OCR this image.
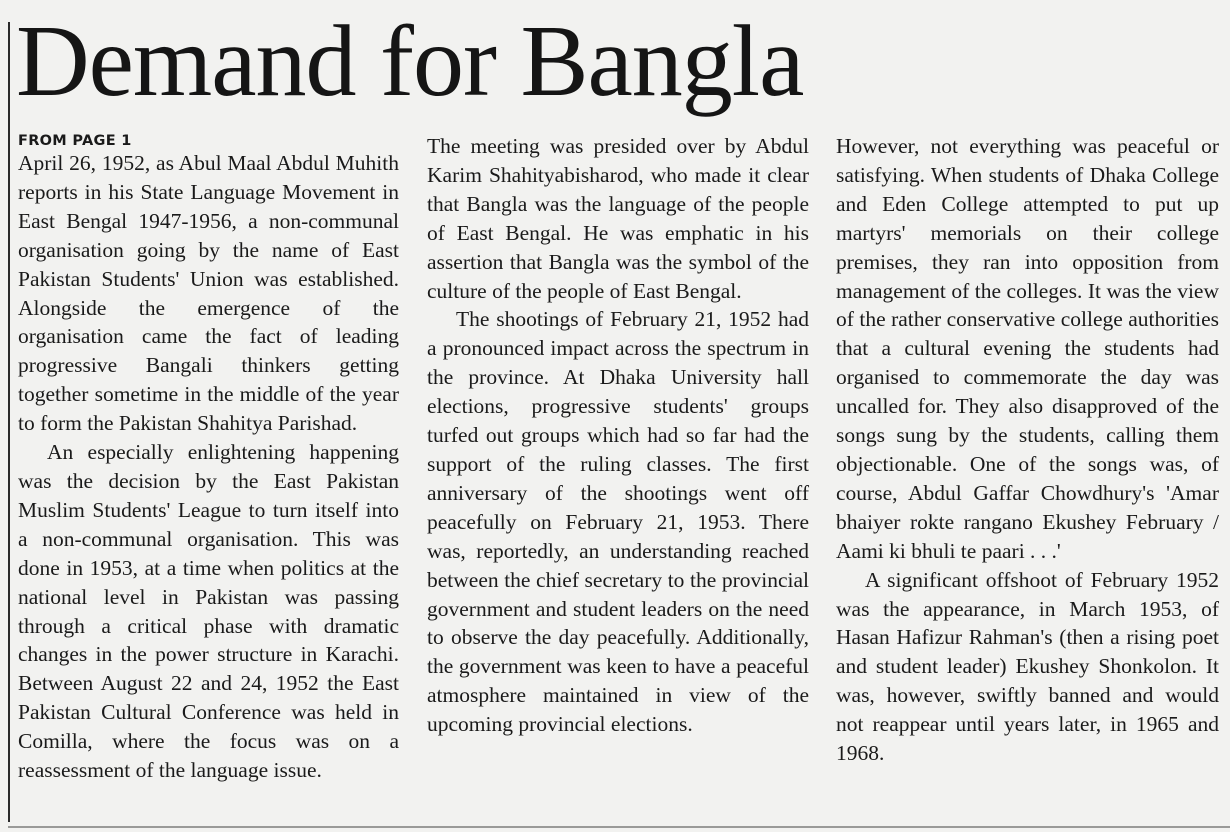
Demand for Bangla

FROM PAGE 1

April 26, 1952, as Abul Maal Abdul Muhith reports in his State Language Movement in East Bengal 1947-1956, a non-communal organisation going by the name of East Pakistan Students' Union was established. Alongside the emergence of the organisation came the fact of leading progressive Bangali thinkers getting together sometime in the middle of the year to form the Pakistan Shahitya Parishad.

An especially enlightening happening was the decision by the East Pakistan Muslim Students' League to turn itself into a non-communal organisation. This was done in 1953, at a time when politics at the national level in Pakistan was passing through a critical phase with dramatic changes in the power structure in Karachi. Between August 22 and 24, 1952 the East Pakistan Cultural Conference was held in Comilla, where the focus was on a reassessment of the language issue.

The meeting was presided over by Abdul Karim Shahityabisharod, who made it clear that Bangla was the language of the people of East Bengal. He was emphatic in his assertion that Bangla was the symbol of the culture of the people of East Bengal.

The shootings of February 21, 1952 had a pronounced impact across the spectrum in the province. At Dhaka University hall elections, progressive students' groups turfed out groups which had so far had the support of the ruling classes. The first anniversary of the shootings went off peacefully on February 21, 1953. There was, reportedly, an understanding reached between the chief secretary to the provincial government and student leaders on the need to observe the day peacefully. Additionally, the government was keen to have a peaceful atmosphere maintained in view of the upcoming provincial elections.

However, not everything was peaceful or satisfying. When students of Dhaka College and Eden College attempted to put up martyrs' memorials on their college premises, they ran into opposition from management of the colleges. It was the view of the rather conservative college authorities that a cultural evening the students had organised to commemorate the day was uncalled for. They also disapproved of the songs sung by the students, calling them objectionable. One of the songs was, of course, Abdul Gaffar Chowdhury's 'Amar bhaiyer rokte rangano Ekushey February / Aami ki bhuli te paari . . .'

A significant offshoot of February 1952 was the appearance, in March 1953, of Hasan Hafizur Rahman's (then a rising poet and student leader) Ekushey Shonkolon. It was, however, swiftly banned and would not reappear until years later, in 1965 and 1968.
